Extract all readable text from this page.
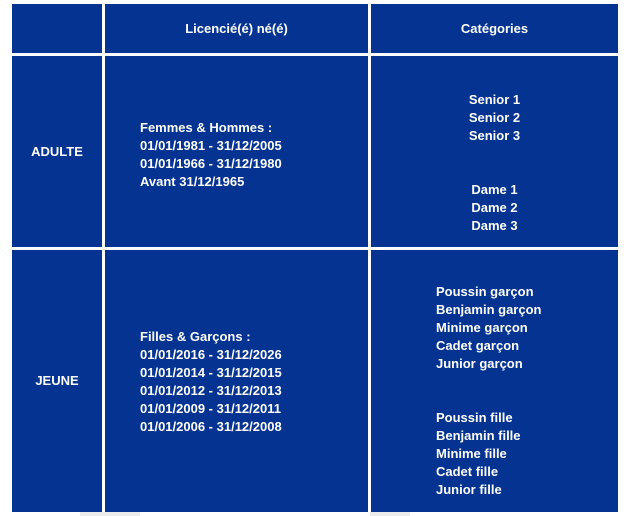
Licencié(é) né(é)	Catégories
ADULTE
Femmes & Hommes :
01/01/1981 - 31/12/2005
01/01/1966 - 31/12/1980
Avant 31/12/1965
Senior 1
Senior 2
Senior 3
Dame 1
Dame 2
Dame 3
JEUNE
Filles & Garçons :
01/01/2016 - 31/12/2026
01/01/2014 - 31/12/2015
01/01/2012 - 31/12/2013
01/01/2009 - 31/12/2011
01/01/2006 - 31/12/2008
Poussin garçon
Benjamin garçon
Minime garçon
Cadet garçon
Junior garçon
Poussin fille
Benjamin fille
Minime fille
Cadet fille
Junior fille
